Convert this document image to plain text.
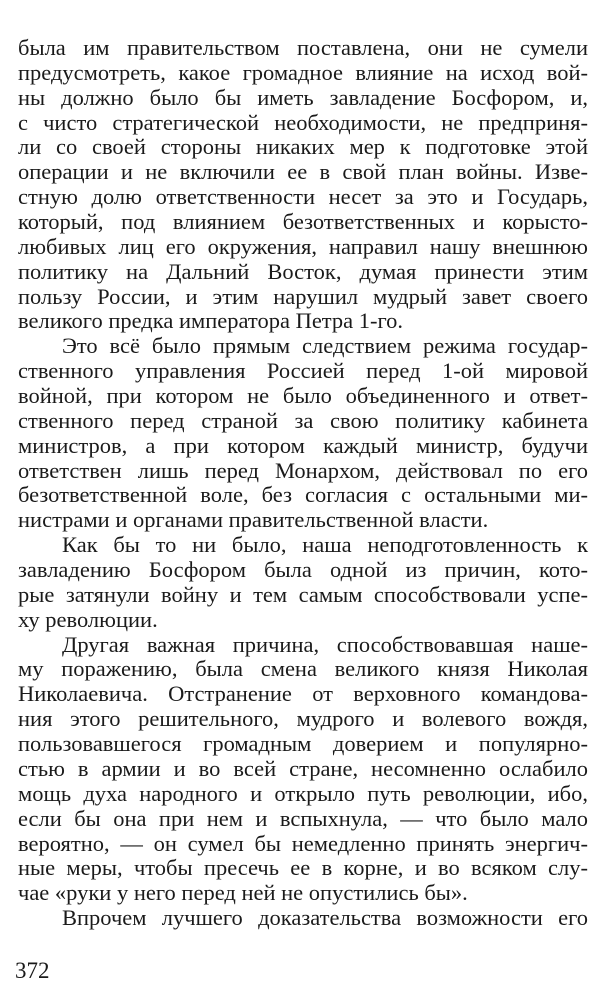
была им правительством поставлена, они не сумели
предусмотреть, какое громадное влияние на исход вой-
ны должно было бы иметь завладение Босфором, и,
с чисто стратегической необходимости, не предприня-
ли со своей стороны никаких мер к подготовке этой
операции и не включили ее в свой план войны. Изве-
стную долю ответственности несет за это и Государь,
который, под влиянием безответственных и корысто-
любивых лиц его окружения, направил нашу внешнюю
политику на Дальний Восток, думая принести этим
пользу России, и этим нарушил мудрый завет своего
великого предка императора Петра 1-го.
Это всё было прямым следствием режима государ-
ственного управления Россией перед 1-ой мировой
войной, при котором не было объединенного и ответ-
ственного перед страной за свою политику кабинета
министров, а при котором каждый министр, будучи
ответствен лишь перед Монархом, действовал по его
безответственной воле, без согласия с остальными ми-
нистрами и органами правительственной власти.
Как бы то ни было, наша неподготовленность к
завладению Босфором была одной из причин, кото-
рые затянули войну и тем самым способствовали успе-
ху революции.
Другая важная причина, способствовавшая наше-
му поражению, была смена великого князя Николая
Николаевича. Отстранение от верховного командова-
ния этого решительного, мудрого и волевого вождя,
пользовавшегося громадным доверием и популярно-
стью в армии и во всей стране, несомненно ослабило
мощь духа народного и открыло путь революции, ибо,
если бы она при нем и вспыхнула, — что было мало
вероятно, — он сумел бы немедленно принять энергич-
ные меры, чтобы пресечь ее в корне, и во всяком слу-
чае «руки у него перед ней не опустились бы».
Впрочем лучшего доказательства возможности его
372
